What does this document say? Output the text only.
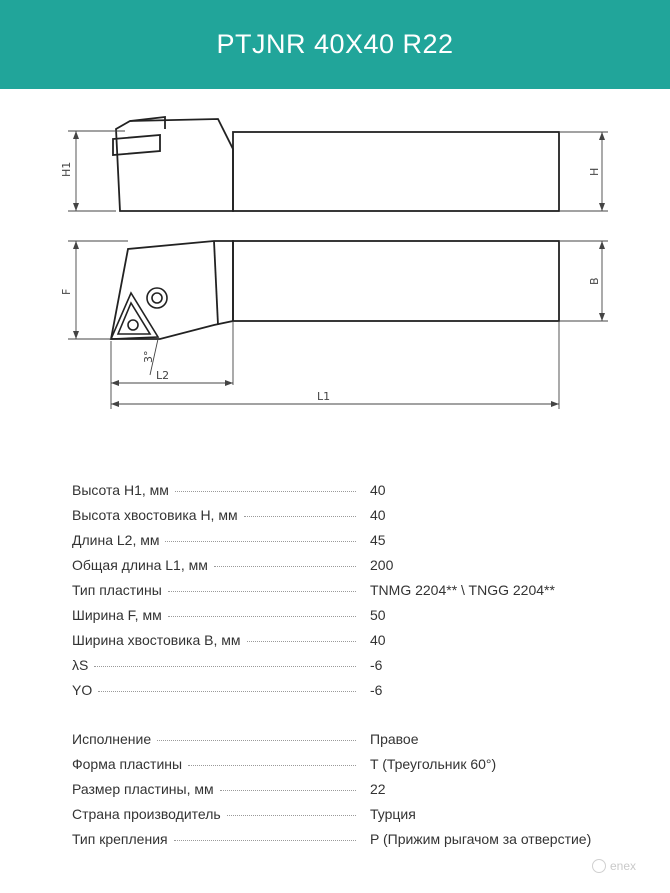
PTJNR 40X40 R22
H1	H
F
B
3°
L2
L1
Высота H1, мм	40
Высота хвостовика H, мм	40
Длина L2, мм	45
Общая длина L1, мм	200
Тип пластины	TNMG 2204** \ TNGG 2204**
Ширина F, мм	50
Ширина хвостовика B, мм	40
λS	-6
YO	-6
Исполнение	Правое
Форма пластины	T (Треугольник 60°)
Размер пластины, мм	22
Страна производитель	Турция
Тип крепления	P (Прижим рыгачом за отверстие)
enex
